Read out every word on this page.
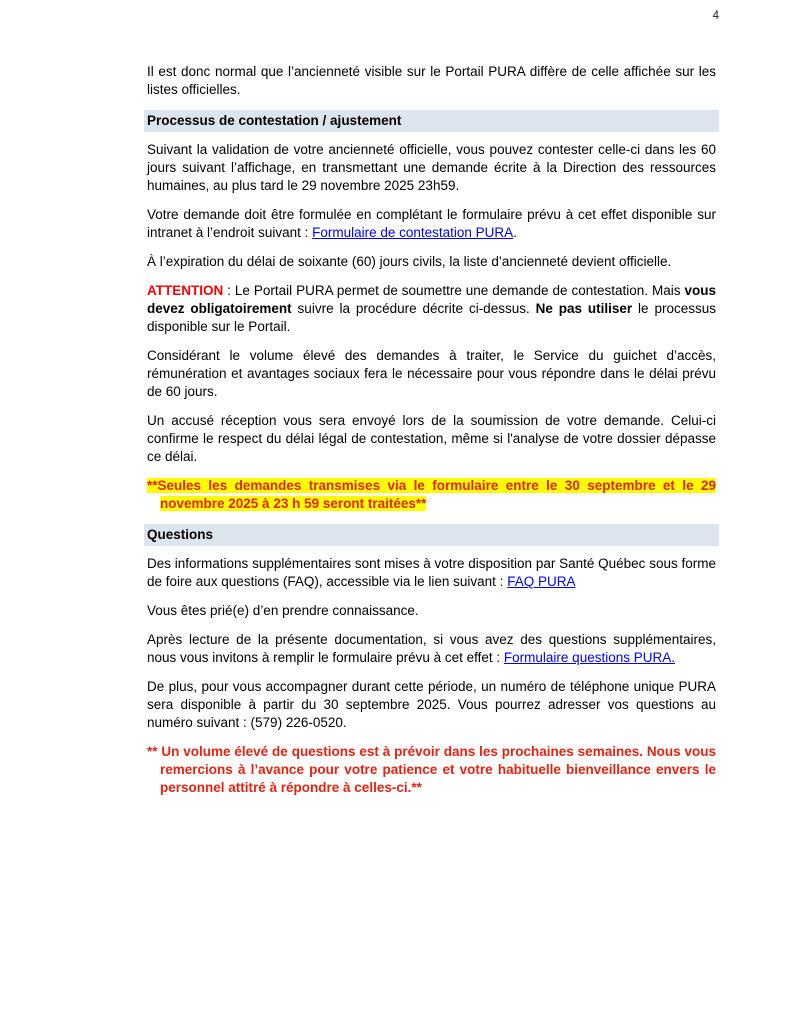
4

Il est donc normal que l’ancienneté visible sur le Portail PURA diffère de celle affichée sur les listes officielles.

Processus de contestation / ajustement

Suivant la validation de votre ancienneté officielle, vous pouvez contester celle-ci dans les 60 jours suivant l’affichage, en transmettant une demande écrite à la Direction des ressources humaines, au plus tard le 29 novembre 2025 23h59.

Votre demande doit être formulée en complétant le formulaire prévu à cet effet disponible sur intranet à l’endroit suivant : Formulaire de contestation PURA.

À l’expiration du délai de soixante (60) jours civils, la liste d’ancienneté devient officielle.

ATTENTION : Le Portail PURA permet de soumettre une demande de contestation. Mais vous devez obligatoirement suivre la procédure décrite ci-dessus. Ne pas utiliser le processus disponible sur le Portail.

Considérant le volume élevé des demandes à traiter, le Service du guichet d’accès, rémunération et avantages sociaux fera le nécessaire pour vous répondre dans le délai prévu de 60 jours.

Un accusé réception vous sera envoyé lors de la soumission de votre demande. Celui-ci confirme le respect du délai légal de contestation, même si l'analyse de votre dossier dépasse ce délai.

**Seules les demandes transmises via le formulaire entre le 30 septembre et le 29 novembre 2025 à 23 h 59 seront traitées**

Questions

Des informations supplémentaires sont mises à votre disposition par Santé Québec sous forme de foire aux questions (FAQ), accessible via le lien suivant : FAQ PURA

Vous êtes prié(e) d’en prendre connaissance.

Après lecture de la présente documentation, si vous avez des questions supplémentaires, nous vous invitons à remplir le formulaire prévu à cet effet : Formulaire questions PURA.

De plus, pour vous accompagner durant cette période, un numéro de téléphone unique PURA sera disponible à partir du 30 septembre 2025. Vous pourrez adresser vos questions au numéro suivant : (579) 226-0520.

** Un volume élevé de questions est à prévoir dans les prochaines semaines. Nous vous remercions à l’avance pour votre patience et votre habituelle bienveillance envers le personnel attitré à répondre à celles-ci.**
